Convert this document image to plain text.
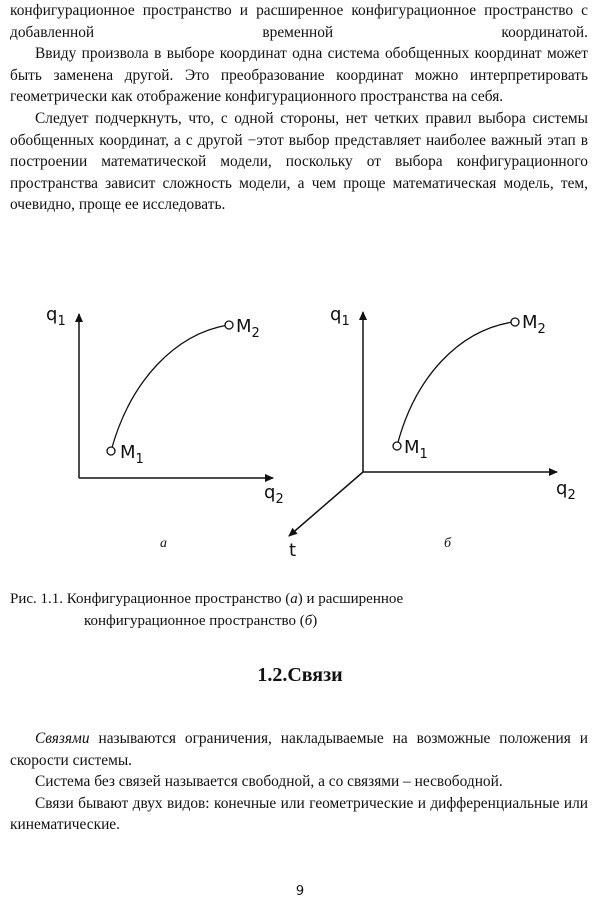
конфигурационное пространство и расширенное конфигурационное пространство с добавленной временной координатой.

Ввиду произвола в выборе координат одна система обобщенных координат может быть заменена другой. Это преобразование координат можно интерпретировать геометрически как отображение конфигурационного пространства на себя.

Следует подчеркнуть, что, с одной стороны, нет четких правил выбора системы обобщенных координат, а с другой −этот выбор представляет наиболее важный этап в построении математической модели, поскольку от выбора конфигурационного пространства зависит сложность модели, а чем проще математическая модель, тем, очевидно, проще ее исследовать.

$q_1$	$M_2$
$M_1$
$q_2$
а
$q_1$	$M_2$
$M_1$
$q_2$
t	б
Рис. 1.1. Конфигурационное пространство (а) и расширенное
конфигурационное пространство (б)
1.2.Связи

Связями называются ограничения, накладываемые на возможные положения и скорости системы.

Система без связей называется свободной, а со связями – несвободной.

Связи бывают двух видов: конечные или геометрические и дифференциальные или кинематические.

9
